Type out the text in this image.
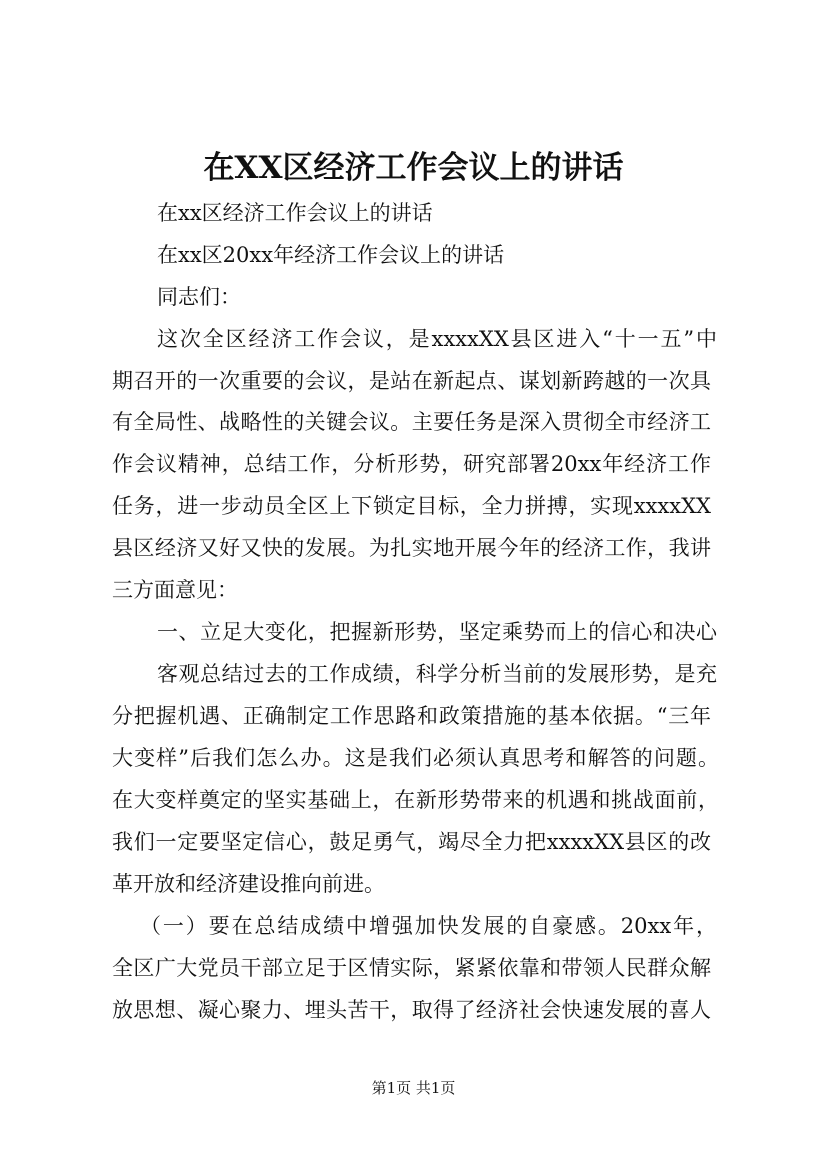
在XX区经济工作会议上的讲话
在xx区经济工作会议上的讲话
在xx区20xx年经济工作会议上的讲话
同志们：
这次全区经济工作会议，是xxxxXX县区进入“十一五”中
期召开的一次重要的会议，是站在新起点、谋划新跨越的一次具
有全局性、战略性的关键会议。主要任务是深入贯彻全市经济工
作会议精神，总结工作，分析形势，研究部署20xx年经济工作
任务，进一步动员全区上下锁定目标，全力拼搏，实现xxxxXX
县区经济又好又快的发展。为扎实地开展今年的经济工作，我讲
三方面意见：
一、立足大变化，把握新形势，坚定乘势而上的信心和决心
客观总结过去的工作成绩，科学分析当前的发展形势，是充
分把握机遇、正确制定工作思路和政策措施的基本依据。“三年
大变样”后我们怎么办。这是我们必须认真思考和解答的问题。
在大变样奠定的坚实基础上，在新形势带来的机遇和挑战面前，
我们一定要坚定信心，鼓足勇气，竭尽全力把xxxxXX县区的改
革开放和经济建设推向前进。
（一）要在总结成绩中增强加快发展的自豪感。20xx年，
全区广大党员干部立足于区情实际，紧紧依靠和带领人民群众解
放思想、凝心聚力、埋头苦干，取得了经济社会快速发展的喜人
第1页 共1页
